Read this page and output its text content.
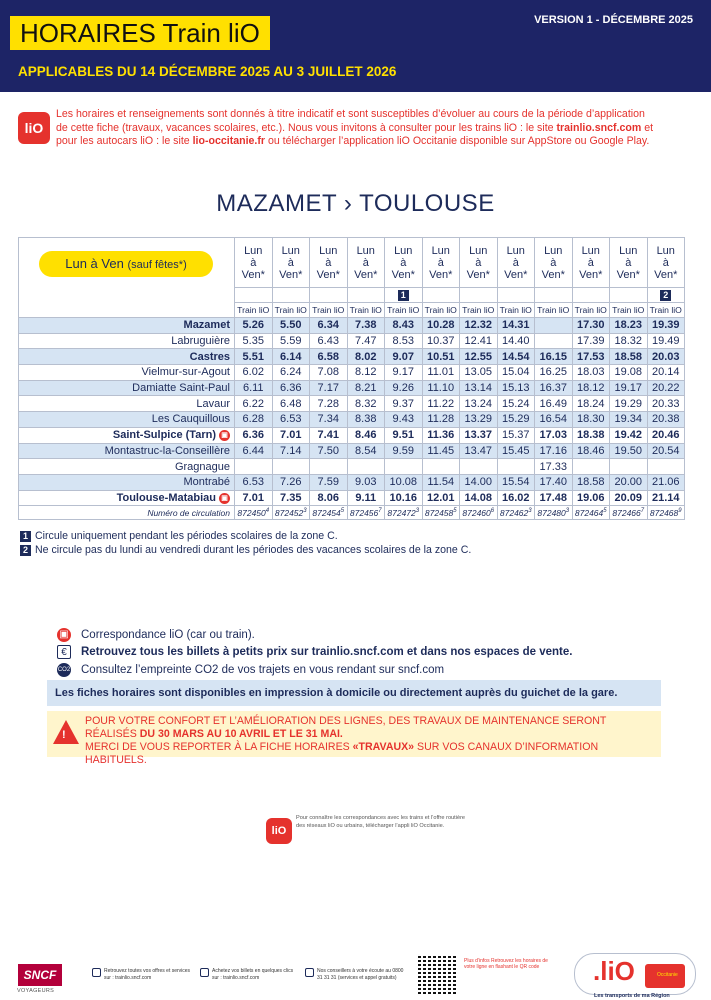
HORAIRES Train liO	VERSION 1 - DÉCEMBRE 2025
APPLICABLES DU 14 DÉCEMBRE 2025 AU 3 JUILLET 2026
liO

Les horaires et renseignements sont donnés à titre indicatif et sont susceptibles d’évoluer au cours de la période d’application
de cette fiche (travaux, vacances scolaires, etc.). Nous vous invitons à consulter pour les trains liO : le site trainlio.sncf.com et
pour les autocars liO : le site lio-occitanie.fr ou télécharger l’application liO Occitanie disponible sur AppStore ou Google Play.

MAZAMET › TOULOUSE
Lun à Ven (sauf fêtes*)	Lun
à
Ven*	Lun
à
Ven*	Lun
à
Ven*	Lun
à
Ven*	Lun
à
Ven*	Lun
à
Ven*	Lun
à
Ven*	Lun
à
Ven*	Lun
à
Ven*	Lun
à
Ven*	Lun
à
Ven*	Lun
à
Ven*
					1							2
	Train liO	Train liO	Train liO	Train liO	Train liO	Train liO	Train liO	Train liO	Train liO	Train liO	Train liO	Train liO
Mazamet	5.26	5.50	6.34	7.38	8.43	10.28	12.32	14.31		17.30	18.23	19.39
Labruguière	5.35	5.59	6.43	7.47	8.53	10.37	12.41	14.40		17.39	18.32	19.49
Castres	5.51	6.14	6.58	8.02	9.07	10.51	12.55	14.54	16.15	17.53	18.58	20.03
Vielmur-sur-Agout	6.02	6.24	7.08	8.12	9.17	11.01	13.05	15.04	16.25	18.03	19.08	20.14
Damiatte Saint-Paul	6.11	6.36	7.17	8.21	9.26	11.10	13.14	15.13	16.37	18.12	19.17	20.22
Lavaur	6.22	6.48	7.28	8.32	9.37	11.22	13.24	15.24	16.49	18.24	19.29	20.33
Les Cauquillous	6.28	6.53	7.34	8.38	9.43	11.28	13.29	15.29	16.54	18.30	19.34	20.38
Saint-Sulpice (Tarn) ▣	6.36	7.01	7.41	8.46	9.51	11.36	13.37	15.37	17.03	18.38	19.42	20.46
Montastruc-la-Conseillère	6.44	7.14	7.50	8.54	9.59	11.45	13.47	15.45	17.16	18.46	19.50	20.54
Gragnague									17.33			
Montrabé	6.53	7.26	7.59	9.03	10.08	11.54	14.00	15.54	17.40	18.58	20.00	21.06
Toulouse-Matabiau ▣	7.01	7.35	8.06	9.11	10.16	12.01	14.08	16.02	17.48	19.06	20.09	21.14
Numéro de circulation	872450$^4$	872452$^3$	872454$^5$	872456$^7$	872472$^3$	872458$^5$	872460$^6$	872462$^3$	872480$^3$	872464$^5$	872466$^7$	872468$^9$
1 Circule uniquement pendant les périodes scolaires de la zone C.
2 Ne circule pas du lundi au vendredi durant les périodes des vacances scolaires de la zone C.
▣ Correspondance liO (car ou train).
€	Retrouvez tous les billets à petits prix sur trainlio.sncf.com et dans nos espaces de vente.
CO2 Consultez l’empreinte CO2 de vos trajets en vous rendant sur sncf.com
Les fiches horaires sont disponibles en impression à domicile ou directement auprès du guichet de la gare.
!
POUR VOTRE CONFORT ET L’AMÉLIORATION DES LIGNES, DES TRAVAUX DE MAINTENANCE SERONT
RÉALISÉS DU 30 MARS AU 10 AVRIL ET LE 31 MAI.
MERCI DE VOUS REPORTER À LA FICHE HORAIRES «TRAVAUX» SUR VOS CANAUX D’INFORMATION HABITUELS.
liO

Pour connaître les correspondances avec les trains et l’offre routière des réseaux liO ou urbains, télécharger l’appli liO Occitanie.

SNCF
VOYAGEURS
Retrouvez toutes vos offres et services sur : trainlio.sncf.com
Achetez vos billets en quelques clics sur : trainlio.sncf.com
Nos conseillers à votre écoute au 0800 31 31 31 (services et appel gratuits)
Plus d’infos Retrouvez les horaires de votre ligne en flashant le QR code	.liO	Occitanie
Les transports de ma Région
